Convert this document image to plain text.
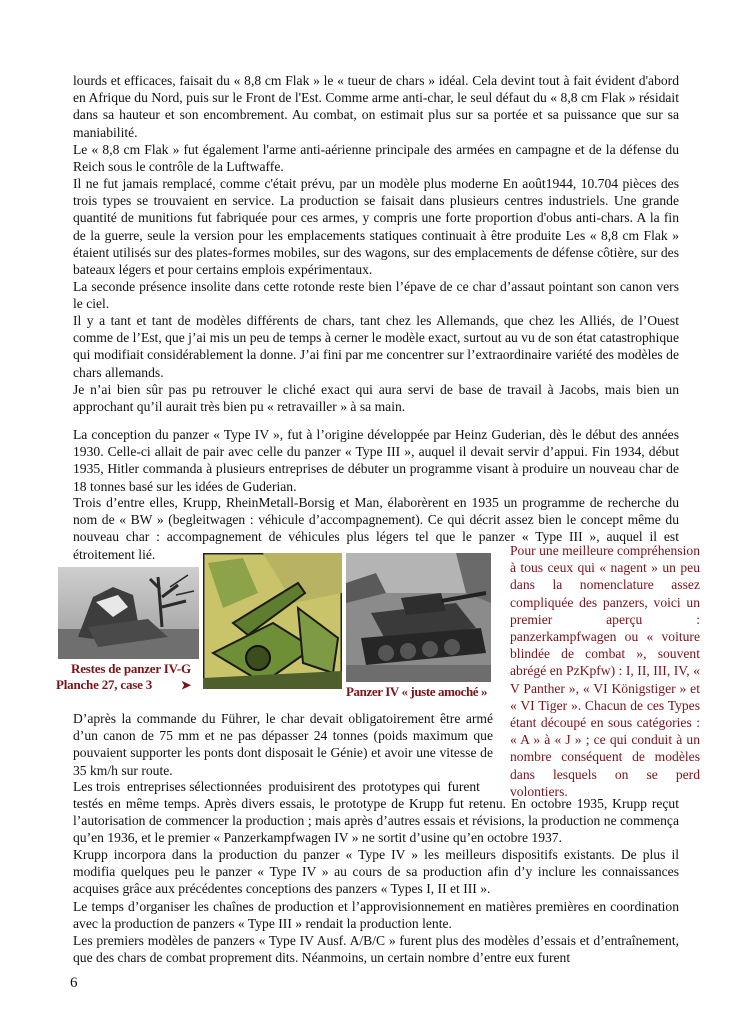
lourds et efficaces, faisait du « 8,8 cm Flak » le « tueur de chars » idéal. Cela devint tout à fait évident d'abord en Afrique du Nord, puis sur le Front de l'Est. Comme arme anti-char, le seul défaut du « 8,8 cm Flak » résidait dans sa hauteur et son encombrement. Au combat, on estimait plus sur sa portée et sa puissance que sur sa maniabilité.

Le « 8,8 cm Flak » fut également l'arme anti-aérienne principale des armées en campagne et de la défense du Reich sous le contrôle de la Luftwaffe.

Il ne fut jamais remplacé, comme c'était prévu, par un modèle plus moderne En août1944, 10.704 pièces des trois types se trouvaient en service. La production se faisait dans plusieurs centres industriels. Une grande quantité de munitions fut fabriquée pour ces armes, y compris une forte proportion d'obus anti-chars. A la fin de la guerre, seule la version pour les emplacements statiques continuait à être produite Les « 8,8 cm Flak » étaient utilisés sur des plates-formes mobiles, sur des wagons, sur des emplacements de défense côtière, sur des bateaux légers et pour certains emplois expérimentaux.

La seconde présence insolite dans cette rotonde reste bien l’épave de ce char d’assaut pointant son canon vers le ciel.

Il y a tant et tant de modèles différents de chars, tant chez les Allemands, que chez les Alliés, de l’Ouest comme de l’Est, que j’ai mis un peu de temps à cerner le modèle exact, surtout au vu de son état catastrophique qui modifiait considérablement la donne. J’ai fini par me concentrer sur l’extraordinaire variété des modèles de chars allemands.

Je n’ai bien sûr pas pu retrouver le cliché exact qui aura servi de base de travail à Jacobs, mais bien un approchant qu’il aurait très bien pu « retravailler » à sa main.

La conception du panzer « Type IV », fut à l’origine développée par Heinz Guderian, dès le début des années 1930. Celle-ci allait de pair avec celle du panzer « Type III », auquel il devait servir d’appui. Fin 1934, début 1935, Hitler commanda à plusieurs entreprises de débuter un programme visant à produire un nouveau char de 18 tonnes basé sur les idées de Guderian.

Trois d’entre elles, Krupp, RheinMetall-Borsig et Man, élaborèrent en 1935 un programme de recherche du nom de « BW » (begleitwagen : véhicule d’accompagnement). Ce qui décrit assez bien le concept même du nouveau char : accompagnement de véhicules plus légers tel que le panzer « Type III », auquel il est étroitement lié.

Restes de panzer IV-G
Planche 27, case 3 ➤	Panzer IV « juste amoché »
Pour une meilleure compréhension à tous ceux qui « nagent » un peu dans la nomenclature assez compliquée des panzers, voici un premier aperçu : panzerkampfwagen ou « voiture blindée de combat », souvent abrégé en PzKpfw) : I, II, III, IV, « V Panther », « VI Königstiger » et « VI Tiger ». Chacun de ces Types étant découpé en sous catégories : « A » à « J » ; ce qui conduit à un nombre conséquent de modèles dans lesquels on se perd volontiers.

D’après la commande du Führer, le char devait obligatoirement être armé d’un canon de 75 mm et ne pas dépasser 24 tonnes (poids maximum que pouvaient supporter les ponts dont disposait le Génie) et avoir une vitesse de 35 km/h sur route.

Les trois  entreprises sélectionnées  produisirent des  prototypes qui  furent

testés en même temps. Après divers essais, le prototype de Krupp fut retenu. En octobre 1935, Krupp reçut l’autorisation de commencer la production ; mais après d’autres essais et révisions, la production ne commença qu’en 1936, et le premier « Panzerkampfwagen IV » ne sortit d’usine qu’en octobre 1937.

Krupp incorpora dans la production du panzer « Type IV » les meilleurs dispositifs existants. De plus il modifia quelques peu le panzer « Type IV » au cours de sa production afin d’y inclure les connaissances acquises grâce aux précédentes conceptions des panzers « Types I, II et III ».

Le temps d’organiser les chaînes de production et l’approvisionnement en matières premières en coordination avec la production de panzers « Type III » rendait la production lente.

Les premiers modèles de panzers « Type IV Ausf. A/B/C » furent plus des modèles d’essais et d’entraînement, que des chars de combat proprement dits. Néanmoins, un certain nombre d’entre eux furent

6
